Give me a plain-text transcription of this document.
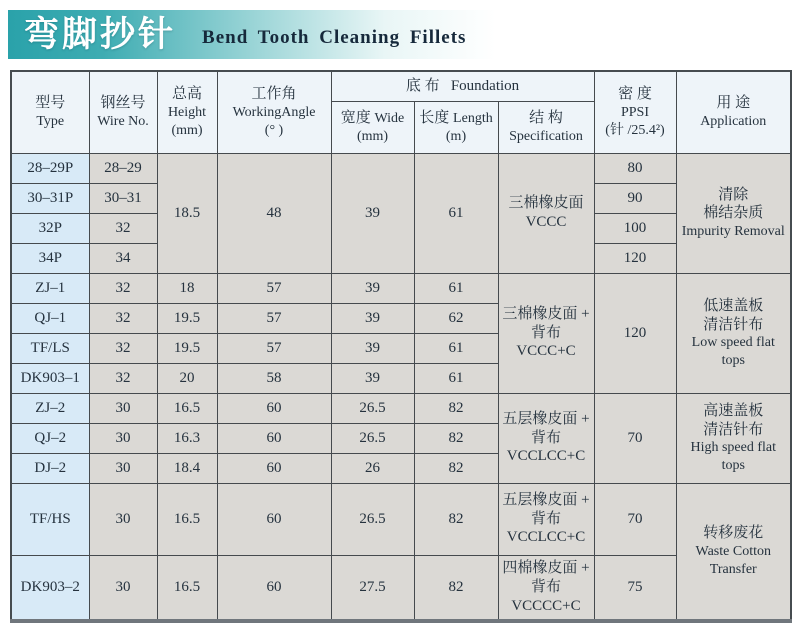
弯脚抄针 Bend Tooth Cleaning Fillets
型号
Type	钢丝号
Wire No.	总高
Height
(mm)	工作角
WorkingAngle
(° )	底 布 Foundation			密 度
PPSI
(针 /25.4²)	用 途
Application

				宽度 Wide
(mm)	长度 Length
(m)	结 构
Specification		

28–29P	28–29	18.5	48	39	61	三棉橡皮面
VCCC	80	清除
棉结杂质
Impurity Removal

30–31P	30–31						90	
32P	32						100	
34P	34						120	
ZJ–1	32	18	57	39	61	三棉橡皮面 +
背布
VCCC+C	120	低速盖板
清洁针布
Low speed flat tops

QJ–1	32	19.5	57	39	62			
TF/LS	32	19.5	57	39	61			
DK903–1	32	20	58	39	61			
ZJ–2	30	16.5	60	26.5	82	五层橡皮面 +
背布
VCCLCC+C	70	高速盖板
清洁针布
High speed flat tops

QJ–2	30	16.3	60	26.5	82			
DJ–2	30	18.4	60	26	82			
TF/HS	30	16.5	60	26.5	82	五层橡皮面 +
背布
VCCLCC+C	70	转移废花
Waste Cotton Transfer

DK903–2	30	16.5	60	27.5	82	四棉橡皮面 +
背布
VCCCC+C	75	
